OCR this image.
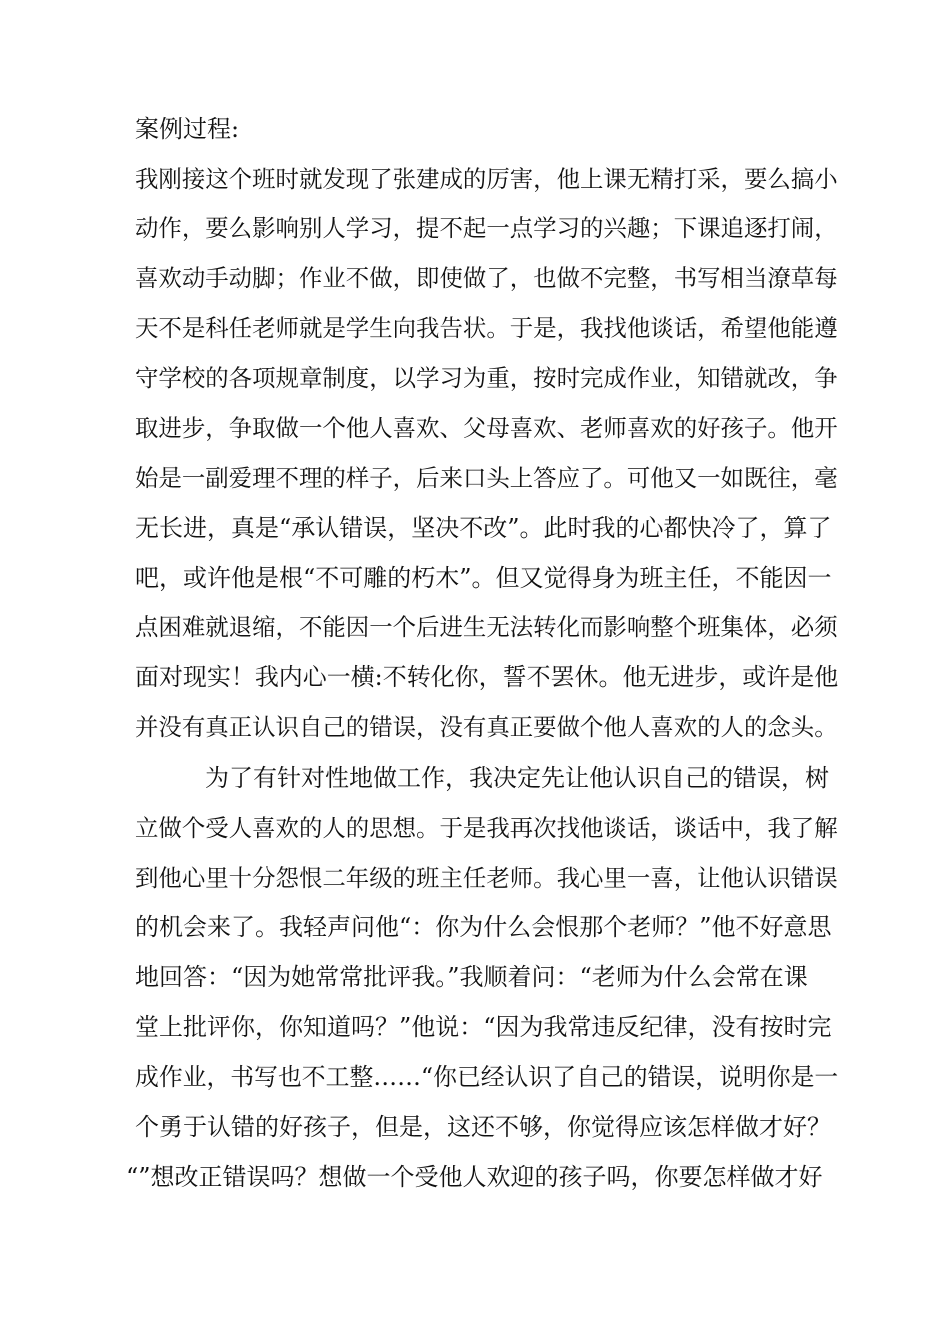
案例过程:

我刚接这个班时就发现了张建成的厉害，他上课无精打采，要么搞小

动作，要么影响别人学习，提不起一点学习的兴趣；下课追逐打闹，

喜欢动手动脚；作业不做，即使做了，也做不完整，书写相当潦草每

天不是科任老师就是学生向我告状。于是，我找他谈话，希望他能遵

守学校的各项规章制度，以学习为重，按时完成作业，知错就改，争

取进步，争取做一个他人喜欢、父母喜欢、老师喜欢的好孩子。他开

始是一副爱理不理的样子，后来口头上答应了。可他又一如既往，毫

无长进，真是“承认错误，坚决不改”。此时我的心都快冷了，算了

吧，或许他是根“不可雕的朽木”。但又觉得身为班主任，不能因一

点困难就退缩，不能因一个后进生无法转化而影响整个班集体，必须

面对现实！我内心一横:不转化你，誓不罢休。他无进步，或许是他

并没有真正认识自己的错误，没有真正要做个他人喜欢的人的念头。

为了有针对性地做工作，我决定先让他认识自己的错误，树

立做个受人喜欢的人的思想。于是我再次找他谈话，谈话中，我了解

到他心里十分怨恨二年级的班主任老师。我心里一喜，让他认识错误

的机会来了。我轻声问他“：你为什么会恨那个老师？”他不好意思

地回答：“因为她常常批评我。”我顺着问：“老师为什么会常在课

堂上批评你，你知道吗？”他说：“因为我常违反纪律，没有按时完

成作业，书写也不工整……“你已经认识了自己的错误，说明你是一

个勇于认错的好孩子，但是，这还不够，你觉得应该怎样做才好？

“”想改正错误吗？想做一个受他人欢迎的孩子吗，你要怎样做才好
